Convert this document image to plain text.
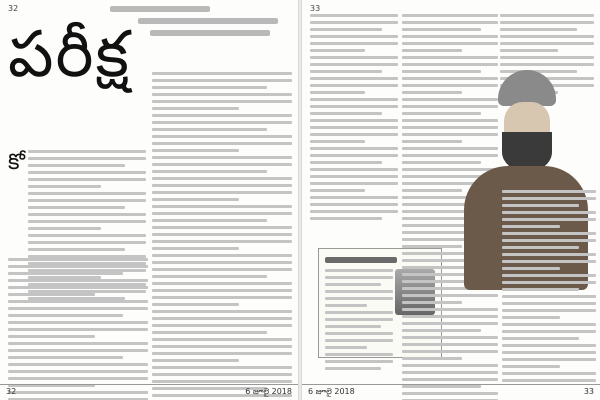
32
పరీక్ష
కో
32	6 జూలై 2018
33
6 జూలై 2018	33
